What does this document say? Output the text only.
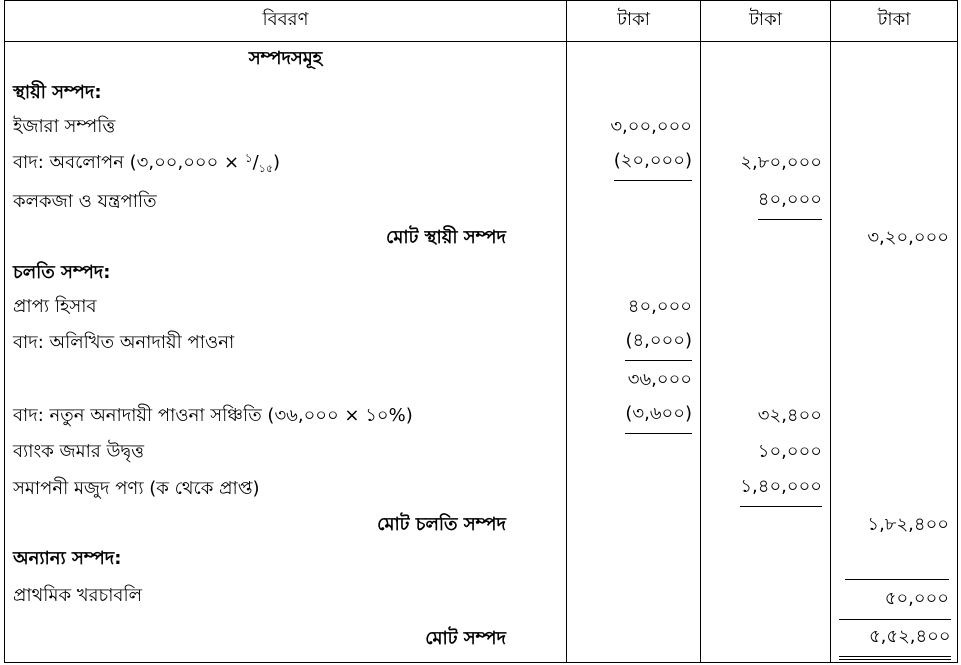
বিবরণ	টাকা	টাকা	টাকা
সম্পদসমূহ			
স্থায়ী সম্পদ:			
ইজারা সম্পত্তি	৩,০০,০০০		
বাদ: অবলোপন (৩,০০,০০০ × $^১/_{১৫}$)	(২০,০০০)	২,৮০,০০০	
কলকজা ও যন্ত্রপাতি		৪০,০০০	
মোট স্থায়ী সম্পদ			৩,২০,০০০
চলতি সম্পদ:			
প্রাপ্য হিসাব	৪০,০০০		
বাদ: অলিখিত অনাদায়ী পাওনা	(৪,০০০)		
	৩৬,০০০		
বাদ: নতুন অনাদায়ী পাওনা সঞ্চিতি (৩৬,০০০ × ১০%)	(৩,৬০০)	৩২,৪০০	
ব্যাংক জমার উদ্বৃত্ত		১০,০০০	
সমাপনী মজুদ পণ্য (ক থেকে প্রাপ্ত)		১,৪০,০০০	
মোট চলতি সম্পদ			১,৮২,৪০০
অন্যান্য সম্পদ:			
প্রাথমিক খরচাবলি			৫০,০০০
মোট সম্পদ			৫,৫২,৪০০
